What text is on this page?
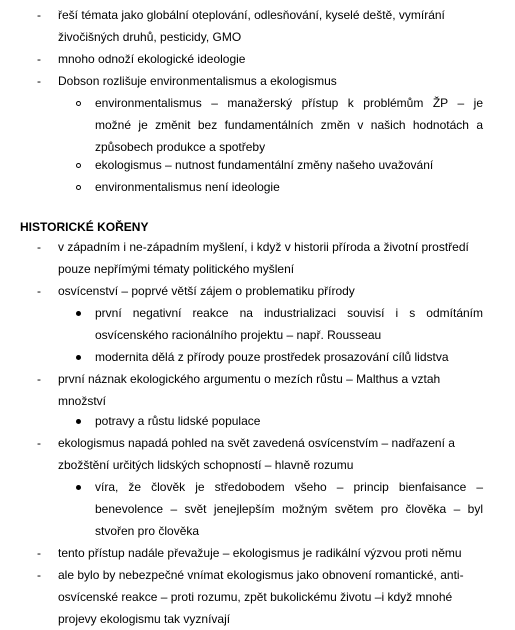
HISTORICKÉ KOŘENY
- řeší témata jako globální oteplování, odlesňování, kyselé deště, vymírání
živočišných druhů, pesticidy, GMO
- mnoho odnoží ekologické ideologie
- Dobson rozlišuje environmentalismus a ekologismus
environmentalismus – manažerský přístup k problémům ŽP – je
možné je změnit bez fundamentálních změn v našich hodnotách a
způsobech produkce a spotřeby
ekologismus – nutnost fundamentální změny našeho uvažování
environmentalismus není ideologie
- v západním i ne-západním myšlení, i když v historii příroda a životní prostředí
pouze nepřímými tématy politického myšlení
- osvícenství – poprvé větší zájem o problematiku přírody
první negativní reakce na industrializaci souvisí i s odmítáním
osvícenského racionálního projektu – např. Rousseau
modernita dělá z přírody pouze prostředek prosazování cílů lidstva
- první náznak ekologického argumentu o mezích růstu – Malthus a vztah
množství
potravy a růstu lidské populace
- ekologismus napadá pohled na svět zavedená osvícenstvím – nadřazení a
zbožštění určitých lidských schopností – hlavně rozumu
víra, že člověk je středobodem všeho – princip bienfaisance –
benevolence – svět jenejlepším možným světem pro člověka – byl
stvořen pro člověka
- tento přístup nadále převažuje – ekologismus je radikální výzvou proti němu
- ale bylo by nebezpečné vnímat ekologismus jako obnovení romantické, anti-
osvícenské reakce – proti rozumu, zpět bukolickému životu –i když mnohé
projevy ekologismu tak vyznívají
